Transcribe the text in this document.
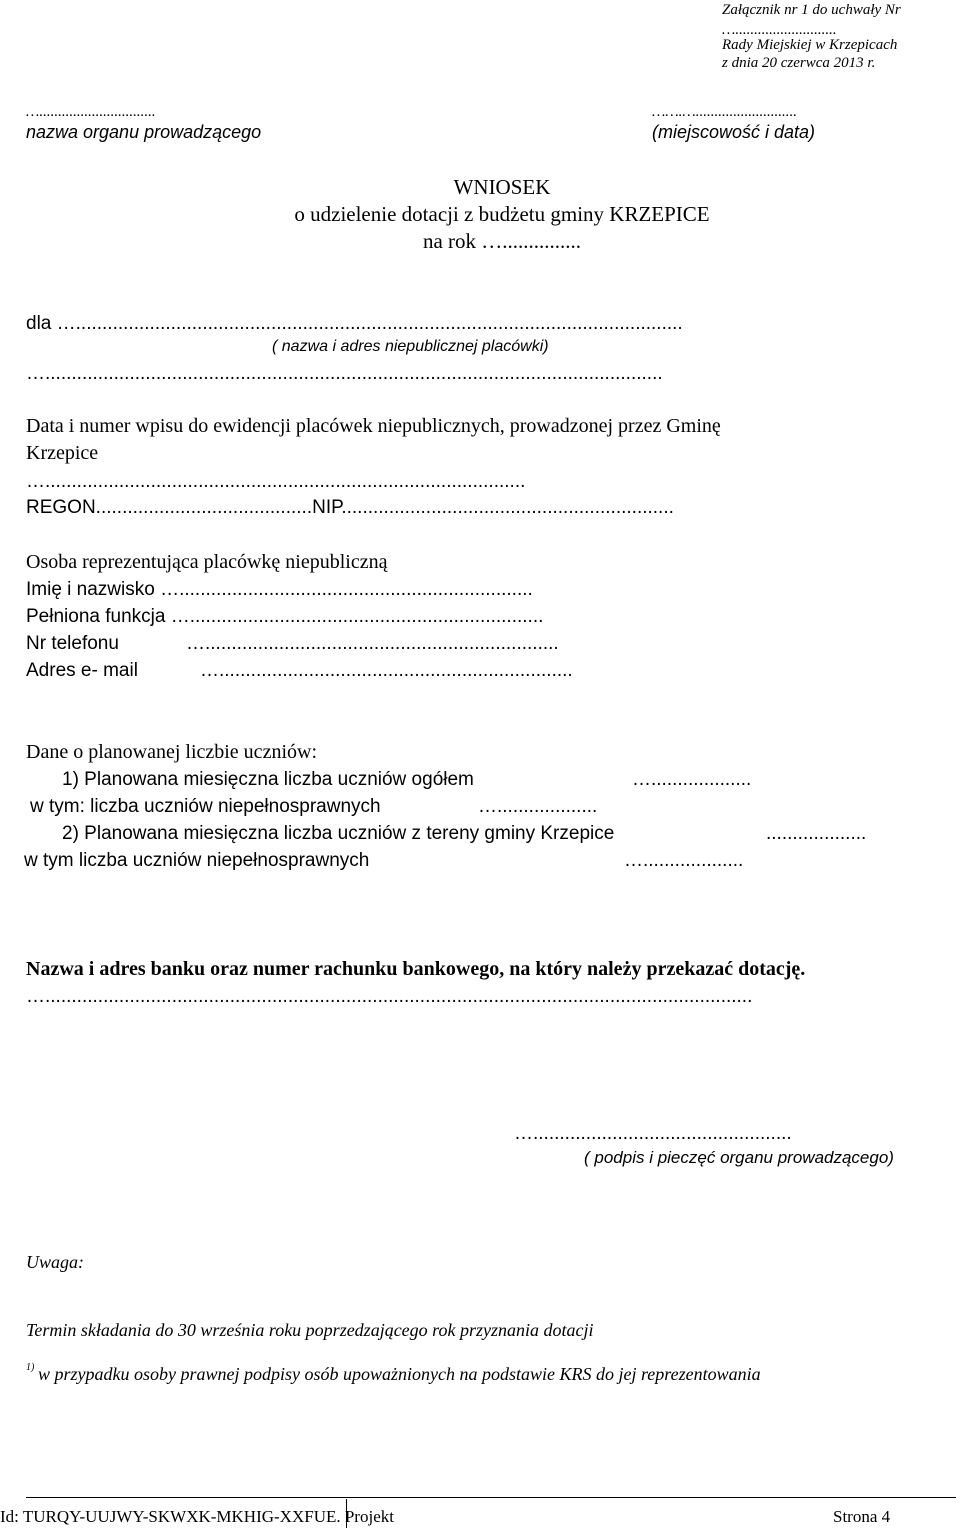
Załącznik nr 1 do uchwały Nr
…...........................
Rady Miejskiej w Krzepicach
z dnia 20 czerwca 2013 r.
…...............................
nazwa organu prowadzącego
…….…...........................
(miejscowość i data)
WNIOSEK
o udzielenie dotacji z budżetu gminy KRZEPICE
na rok …...............
dla …...................................................................................................................
( nazwa i adres niepublicznej placówki)
….....................................................................................................................
Data i numer wpisu do ewidencji placówek niepublicznych, prowadzonej przez Gminę
Krzepice
…...........................................................................................
REGON.........................................NIP...............................................................
Osoba reprezentująca placówkę niepubliczną
Imię i nazwisko …...................................................................
Pełniona funkcja …...................................................................
Nr telefonu	…...................................................................
Adres e- mail	…...................................................................
Dane o planowanej liczbie uczniów:
1) Planowana miesięczna liczba uczniów ogółem	…...................
w tym: liczba uczniów niepełnosprawnych	…...................
2) Planowana miesięczna liczba uczniów z tereny gminy Krzepice	...................
w tym liczba uczniów niepełnosprawnych	…...................
Nazwa i adres banku oraz numer rachunku bankowego, na który należy przekazać dotację.
…......................................................................................................................................
….................................................
( podpis i pieczęć organu prowadzącego)
Uwaga:
Termin składania do 30 września roku poprzedzającego rok przyznania dotacji
1) w przypadku osoby prawnej podpisy osób upoważnionych na podstawie KRS do jej reprezentowania
Id: TURQY-UUJWY-SKWXK-MKHIG-XXFUE. Projekt	Strona 4
